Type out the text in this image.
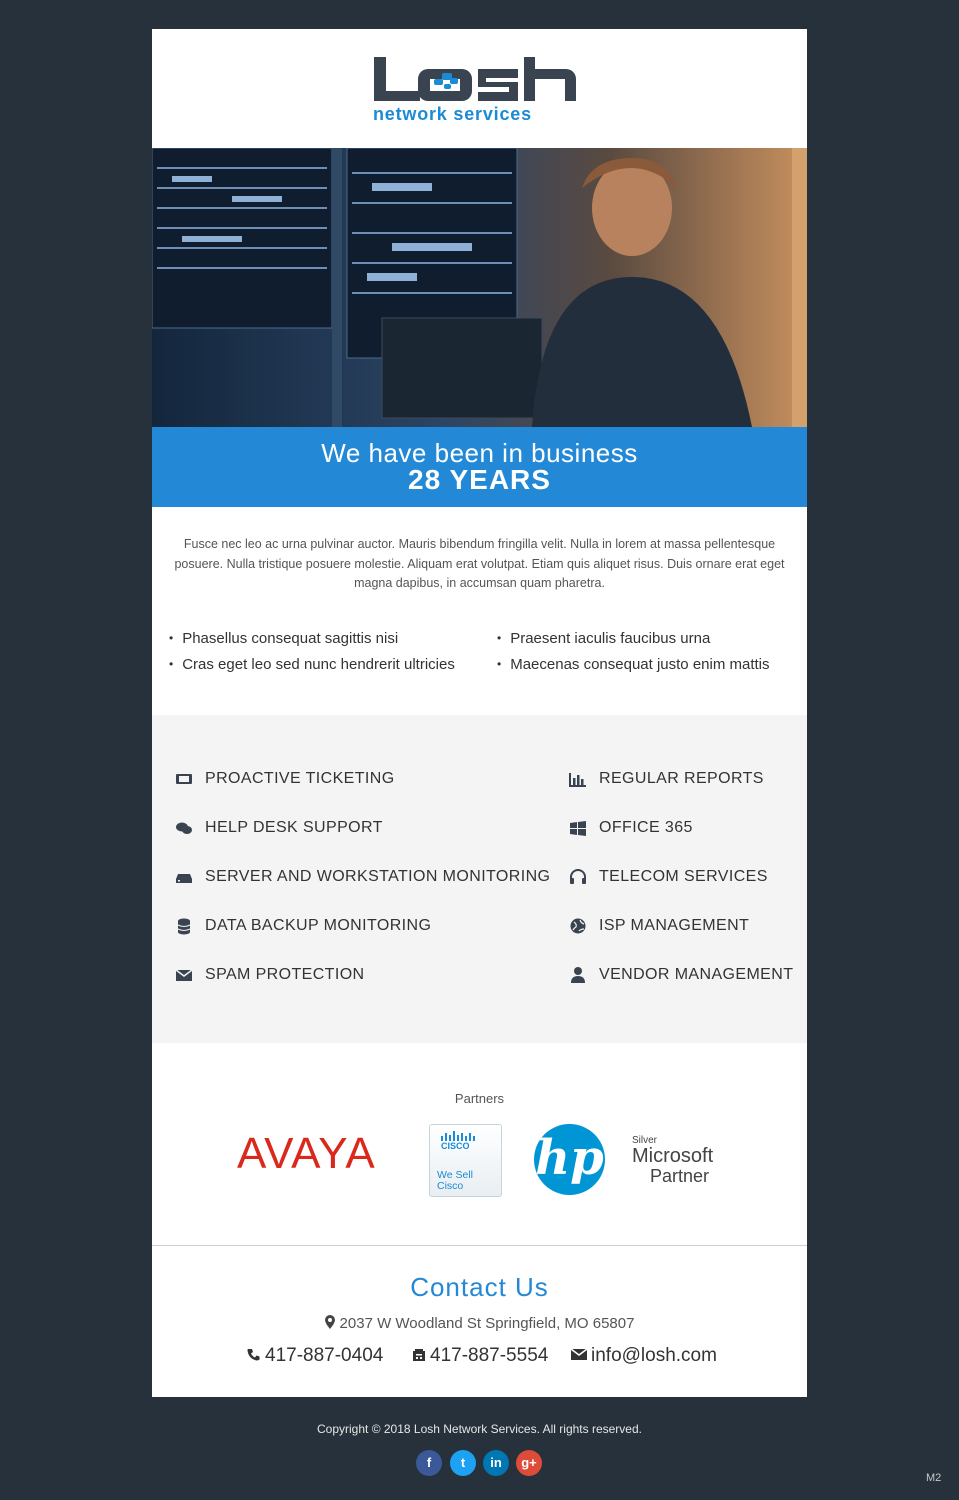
network services
We have been in business
28 YEARS
Fusce nec leo ac urna pulvinar auctor. Mauris bibendum fringilla velit. Nulla in lorem at massa pellentesque posuere. Nulla tristique posuere molestie. Aliquam erat volutpat. Etiam quis aliquet risus. Duis ornare erat eget magna dapibus, in accumsan quam pharetra.
• Phasellus consequat sagittis nisi
• Cras eget leo sed nunc hendrerit ultricies
• Praesent iaculis faucibus urna
• Maecenas consequat justo enim mattis
PROACTIVE TICKETING
HELP DESK SUPPORT
SERVER AND WORKSTATION MONITORING
DATA BACKUP MONITORING
SPAM PROTECTION
REGULAR REPORTS
OFFICE 365
TELECOM SERVICES
ISP MANAGEMENT
VENDOR MANAGEMENT
Partners
AVAYA	CISCO
We Sell
Cisco hp	Silver
Microsoft
Partner
Contact Us
2037 W Woodland St Springfield, MO 65807
417-887-0404	417-887-5554	info@losh.com
Copyright © 2018 Losh Network Services. All rights reserved.
f	t	in	g+
M2
